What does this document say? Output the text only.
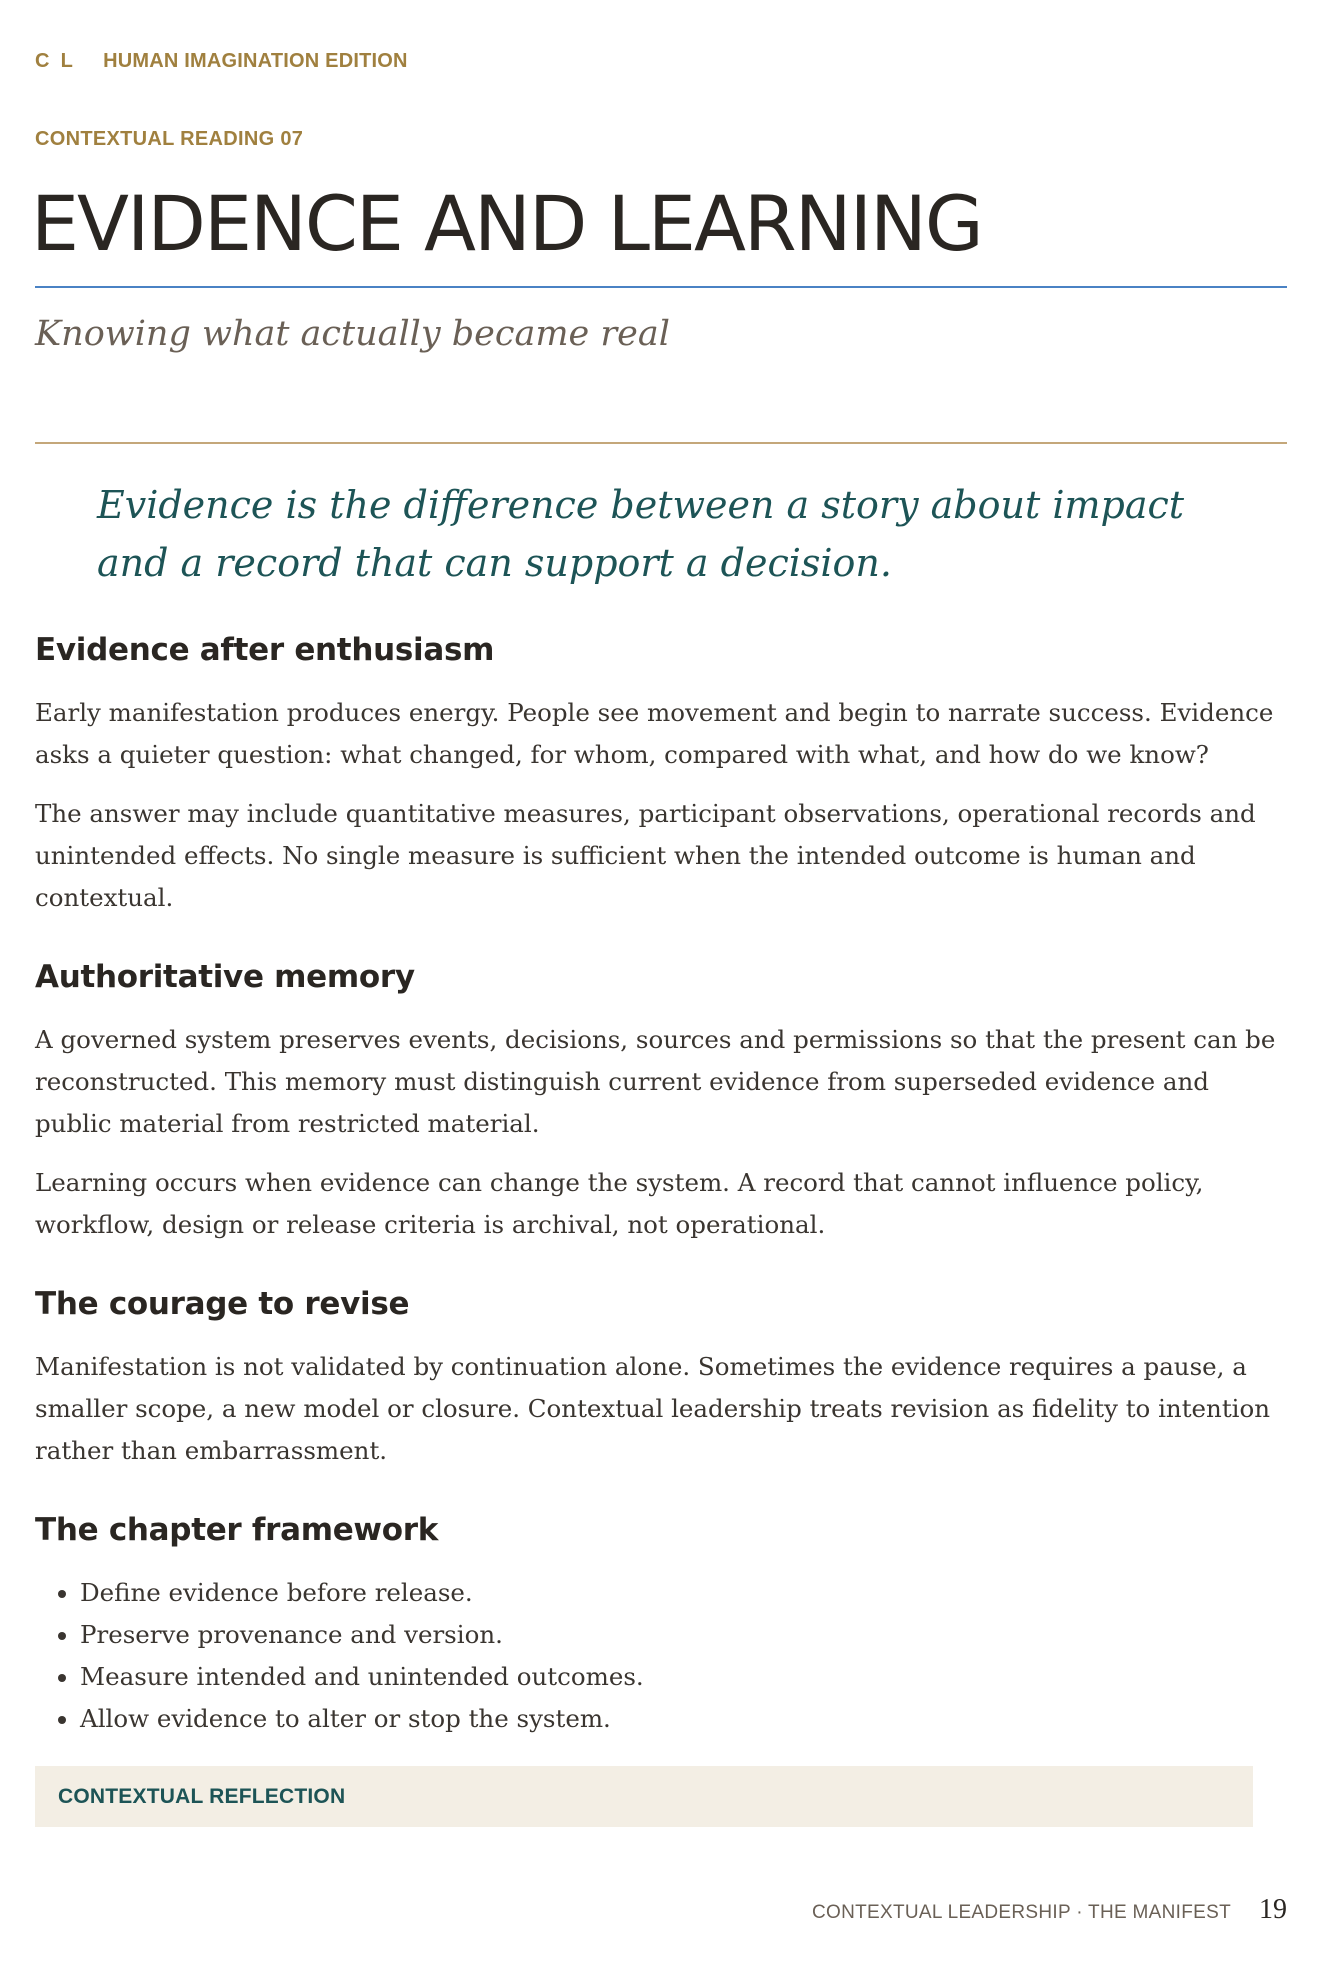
C L HUMAN IMAGINATION EDITION
CONTEXTUAL READING 07
EVIDENCE AND LEARNING
Knowing what actually became real
Evidence is the difference between a story about impact and a record that can support a decision.
Evidence after enthusiasm

Early manifestation produces energy. People see movement and begin to narrate success. Evidence asks a quieter question: what changed, for whom, compared with what, and how do we know?

The answer may include quantitative measures, participant observations, operational records and unintended effects. No single measure is sufficient when the intended outcome is human and contextual.

Authoritative memory

A governed system preserves events, decisions, sources and permissions so that the present can be reconstructed. This memory must distinguish current evidence from superseded evidence and public material from restricted material.

Learning occurs when evidence can change the system. A record that cannot influence policy, workflow, design or release criteria is archival, not operational.

The courage to revise

Manifestation is not validated by continuation alone. Sometimes the evidence requires a pause, a smaller scope, a new model or closure. Contextual leadership treats revision as fidelity to intention rather than embarrassment.

The chapter framework
• Define evidence before release.
• Preserve provenance and version.
• Measure intended and unintended outcomes.
• Allow evidence to alter or stop the system.
CONTEXTUAL REFLECTION
CONTEXTUAL LEADERSHIP · THE MANIFEST 19
